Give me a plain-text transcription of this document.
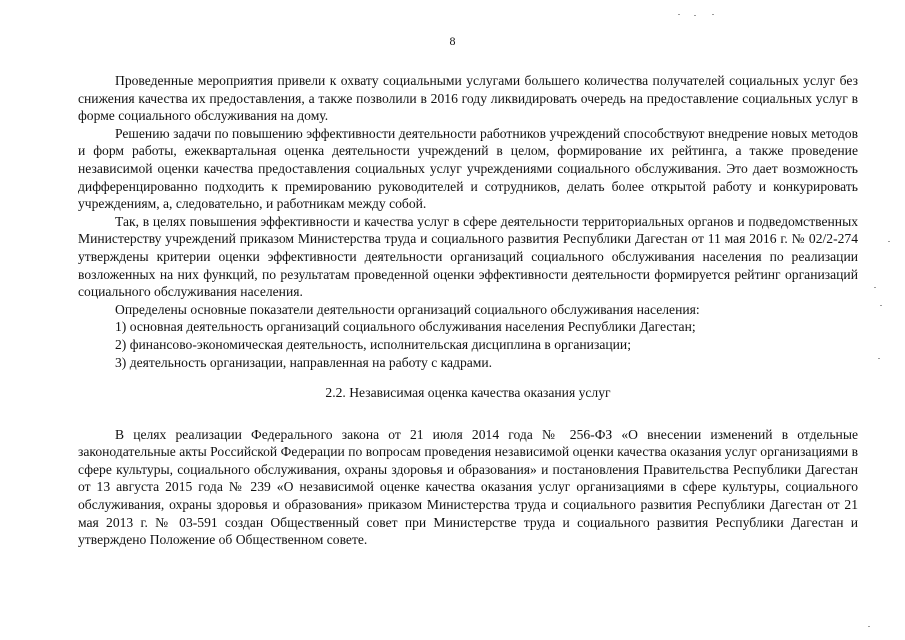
8

Проведенные мероприятия привели к охвату социальными услугами большего количества получателей социальных услуг без снижения качества их предоставления, а также позволили в 2016 году ликвидировать очередь на предоставление социальных услуг в форме социального обслуживания на дому.

Решению задачи по повышению эффективности деятельности работников учреждений способствуют внедрение новых методов и форм работы, ежеквартальная оценка деятельности учреждений в целом, формирование их рейтинга, а также проведение независимой оценки качества предоставления социальных услуг учреждениями социального обслуживания. Это дает возможность дифференцированно подходить к премированию руководителей и сотрудников, делать более открытой работу и конкурировать учреждениям, а, следовательно, и работникам между собой.

Так, в целях повышения эффективности и качества услуг в сфере деятельности территориальных органов и подведомственных Министерству учреждений приказом Министерства труда и социального развития Республики Дагестан от 11 мая 2016 г. № 02/2-274 утверждены критерии оценки эффективности деятельности организаций социального обслуживания населения по реализации возложенных на них функций, по результатам проведенной оценки эффективности деятельности формируется рейтинг организаций социального обслуживания населения.

Определены основные показатели деятельности организаций социального обслуживания населения:

1) основная деятельность организаций социального обслуживания населения Республики Дагестан;

2) финансово-экономическая деятельность, исполнительская дисциплина в организации;

3) деятельность организации, направленная на работу с кадрами.

2.2. Независимая оценка качества оказания услуг

В целях реализации Федерального закона от 21 июля 2014 года № 256-ФЗ «О внесении изменений в отдельные законодательные акты Российской Федерации по вопросам проведения независимой оценки качества оказания услуг организациями в сфере культуры, социального обслуживания, охраны здоровья и образования» и постановления Правительства Республики Дагестан от 13 августа 2015 года № 239 «О независимой оценке качества оказания услуг организациями в сфере культуры, социального обслуживания, охраны здоровья и образования» приказом Министерства труда и социального развития Республики Дагестан от 21 мая 2013 г. № 03-591 создан Общественный совет при Министерстве труда и социального развития Республики Дагестан и утверждено Положение об Общественном совете.
